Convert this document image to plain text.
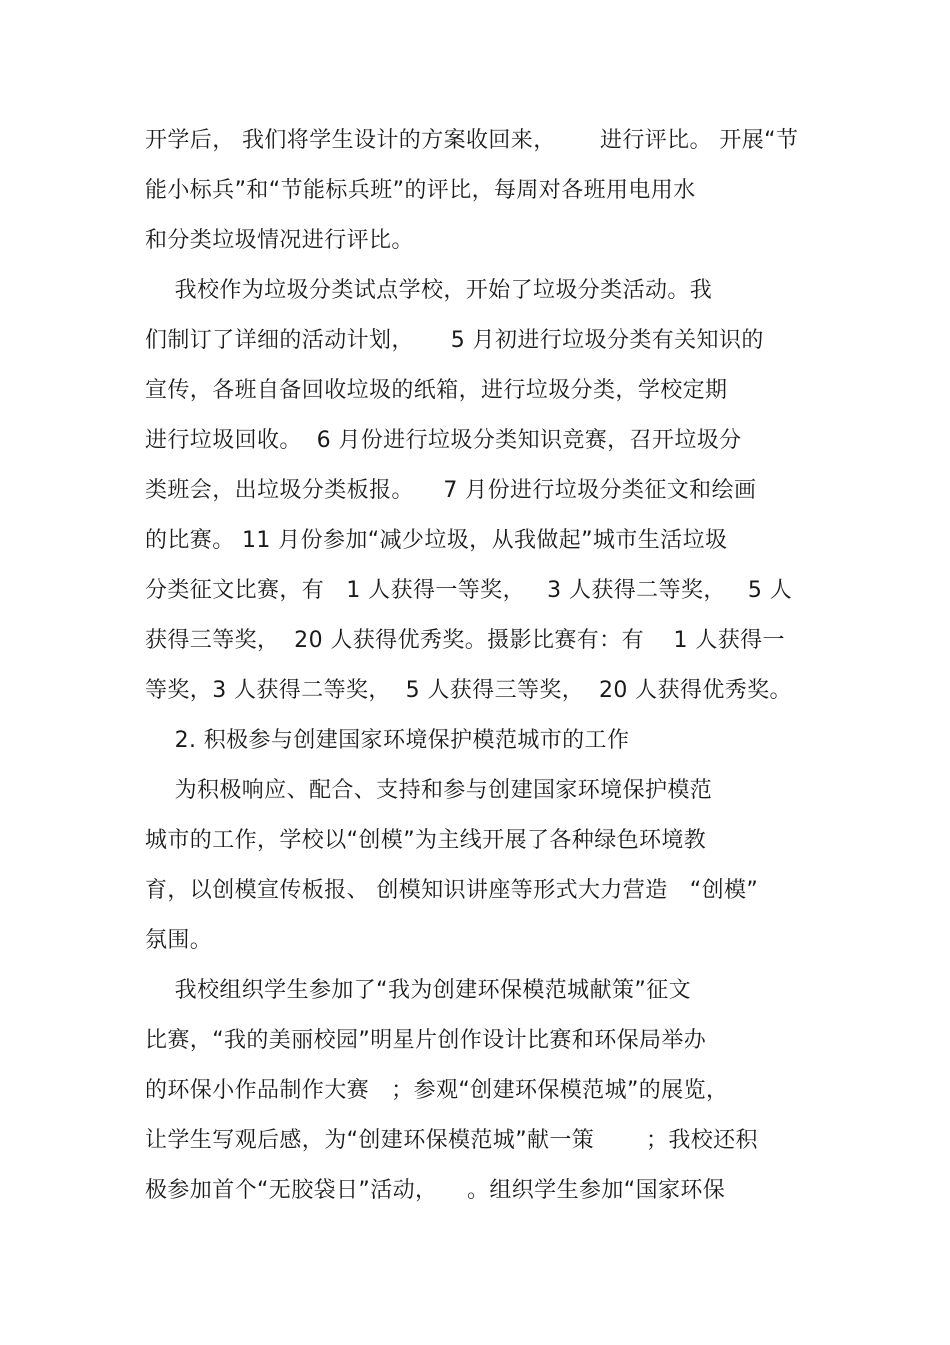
开学后， 我们将学生设计的方案收回来，      进行评比。 开展“节
能小标兵”和“节能标兵班”的评比，每周对各班用电用水
和分类垃圾情况进行评比。
我校作为垃圾分类试点学校，开始了垃圾分类活动。我
们制订了详细的活动计划，     5 月初进行垃圾分类有关知识的
宣传，各班自备回收垃圾的纸箱，进行垃圾分类，学校定期
进行垃圾回收。  6 月份进行垃圾分类知识竞赛，召开垃圾分
类班会，出垃圾分类板报。    7 月份进行垃圾分类征文和绘画
的比赛。 11 月份参加“减少垃圾，从我做起”城市生活垃圾
分类征文比赛，有   1 人获得一等奖，   3 人获得二等奖，   5 人
获得三等奖，  20 人获得优秀奖。摄影比赛有：有    1 人获得一
等奖，3 人获得二等奖，  5 人获得三等奖，  20 人获得优秀奖。
2. 积极参与创建国家环境保护模范城市的工作
为积极响应、配合、支持和参与创建国家环境保护模范
城市的工作，学校以“创模”为主线开展了各种绿色环境教
育，以创模宣传板报、 创模知识讲座等形式大力营造   “创模”
氛围。
我校组织学生参加了“我为创建环保模范城献策”征文
比赛，“我的美丽校园”明星片创作设计比赛和环保局举办
的环保小作品制作大赛   ；参观“创建环保模范城”的展览，
让学生写观后感，为“创建环保模范城”献一策       ；我校还积
极参加首个“无胶袋日”活动，    。组织学生参加“国家环保
